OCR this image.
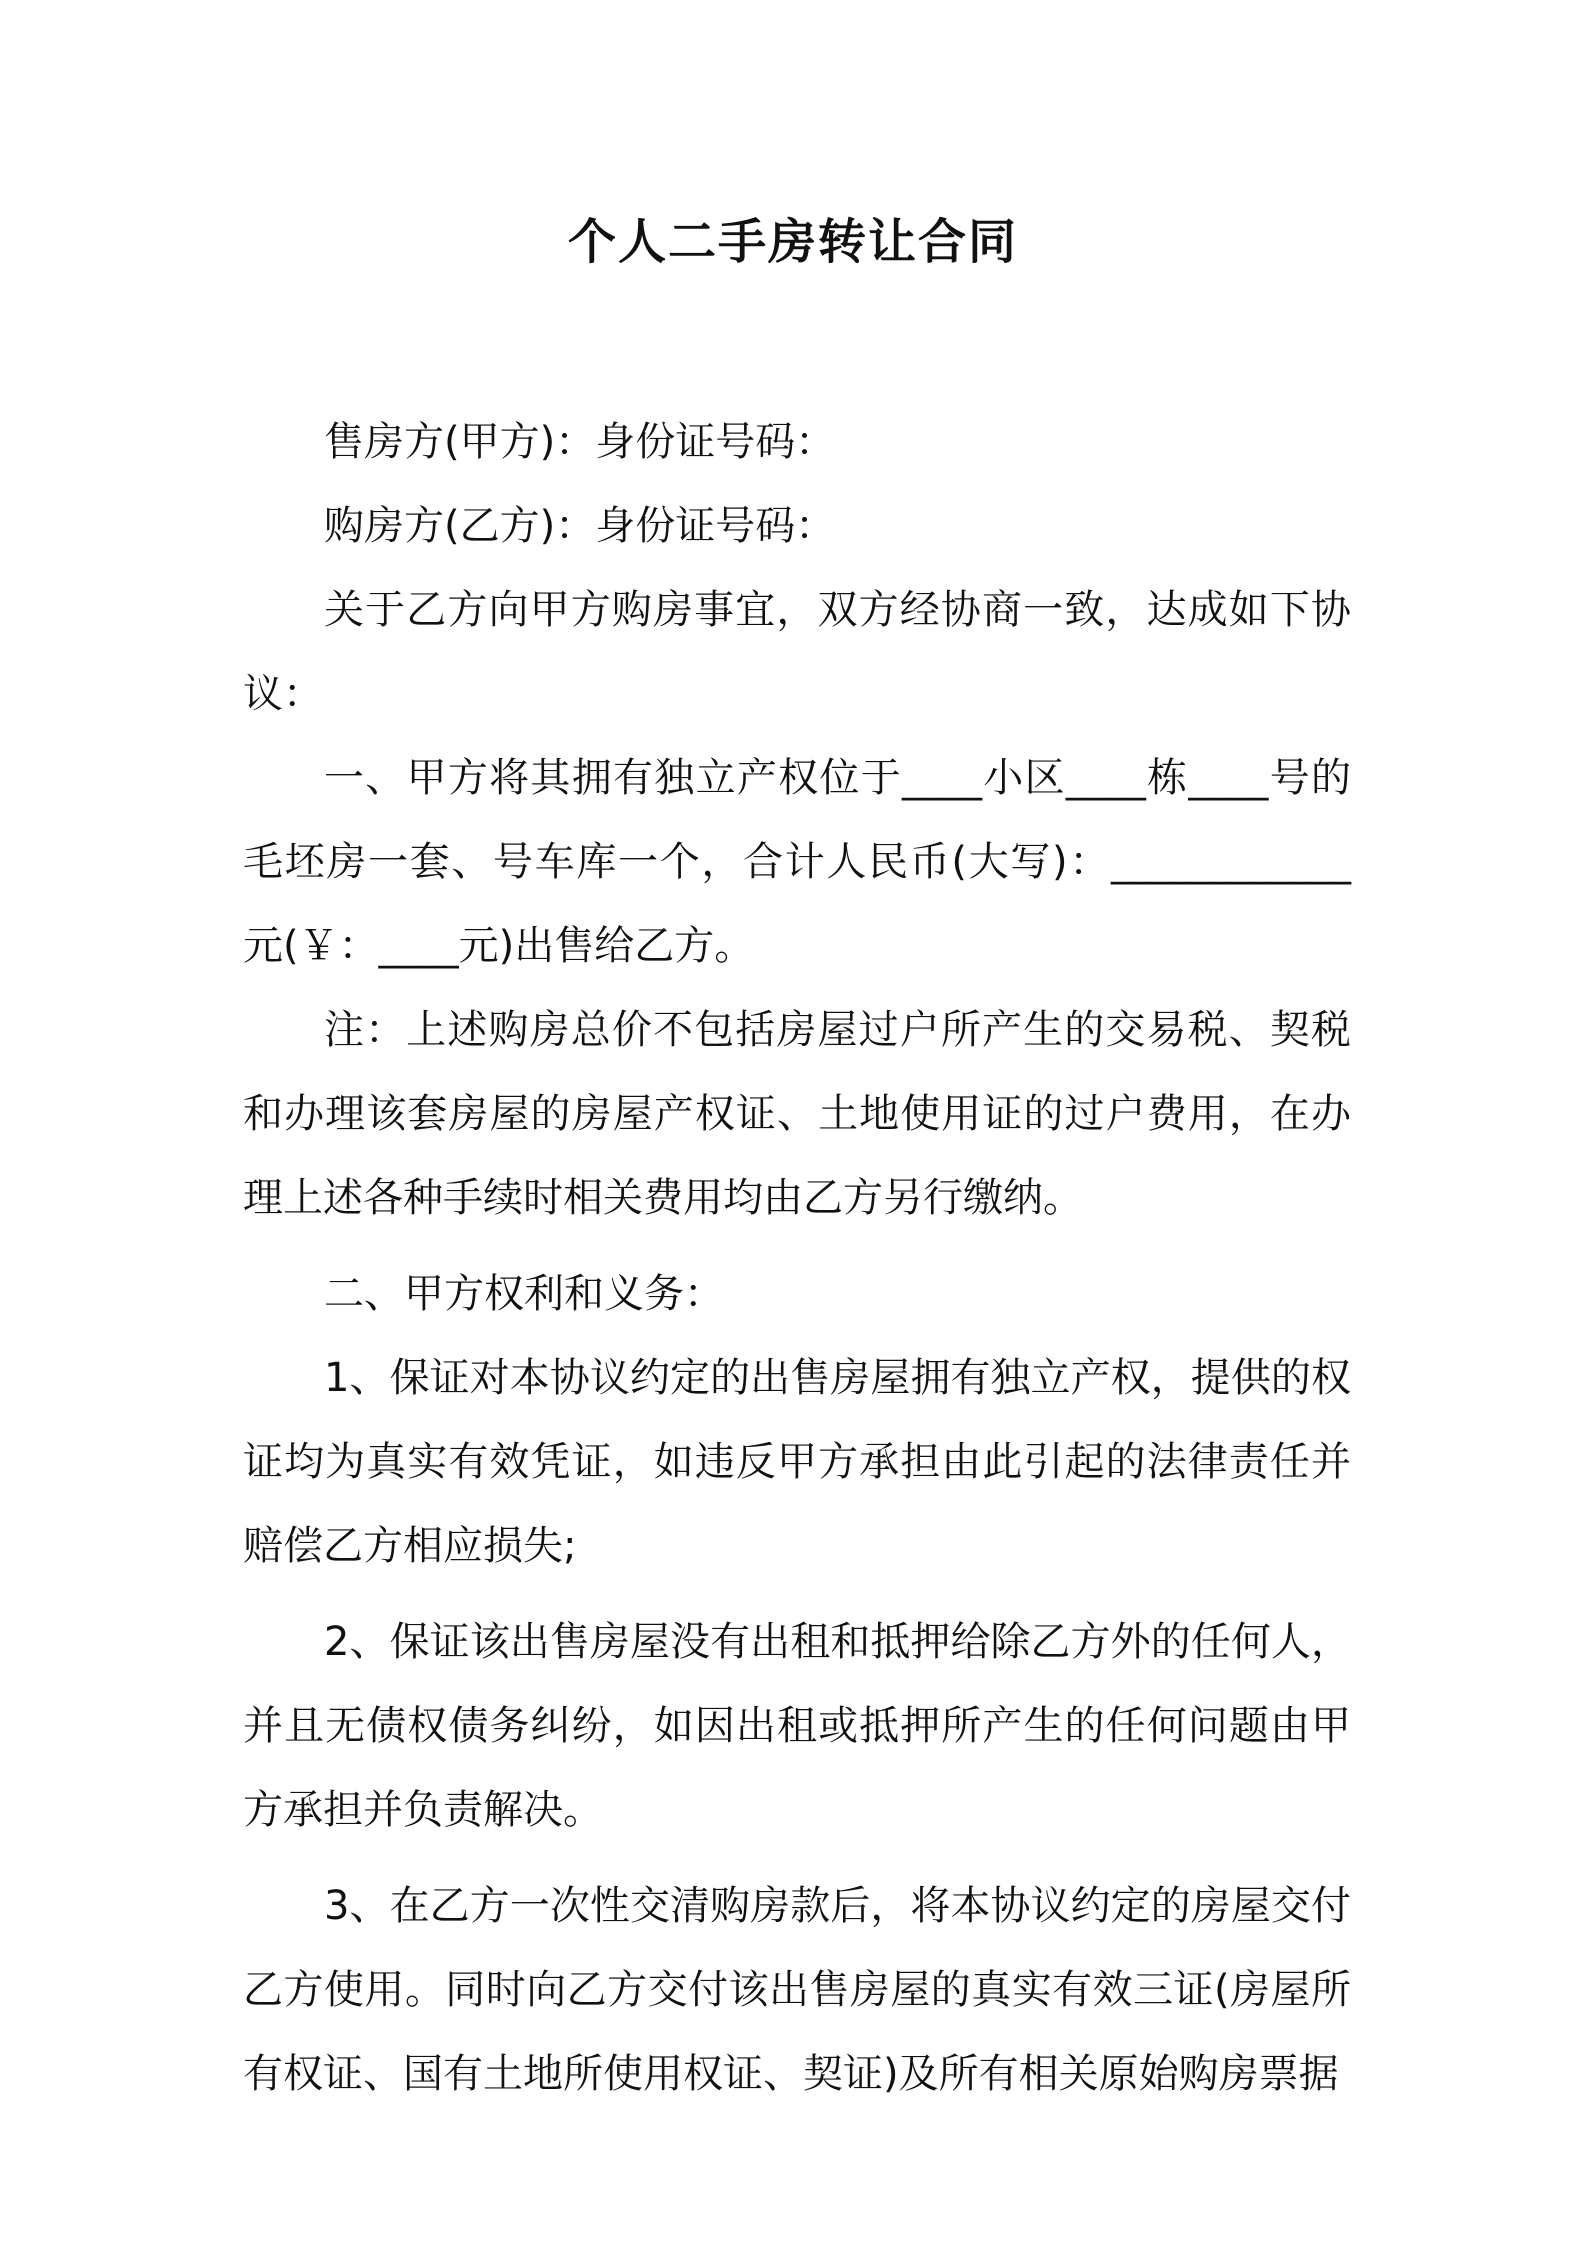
个人二手房转让合同

售房方(甲方)：身份证号码：

购房方(乙方)：身份证号码：

关于乙方向甲方购房事宜，双方经协商一致，达成如下协议：

一、甲方将其拥有独立产权位于____小区____栋____号的毛坯房一套、号车库一个，合计人民币(大写)：____________元(￥：____元)出售给乙方。

注：上述购房总价不包括房屋过户所产生的交易税、契税和办理该套房屋的房屋产权证、土地使用证的过户费用，在办理上述各种手续时相关费用均由乙方另行缴纳。

二、甲方权利和义务：

1、保证对本协议约定的出售房屋拥有独立产权，提供的权证均为真实有效凭证，如违反甲方承担由此引起的法律责任并赔偿乙方相应损失;

2、保证该出售房屋没有出租和抵押给除乙方外的任何人，并且无债权债务纠纷，如因出租或抵押所产生的任何问题由甲方承担并负责解决。

3、在乙方一次性交清购房款后，将本协议约定的房屋交付乙方使用。同时向乙方交付该出售房屋的真实有效三证(房屋所有权证、国有土地所使用权证、契证)及所有相关原始购房票据
